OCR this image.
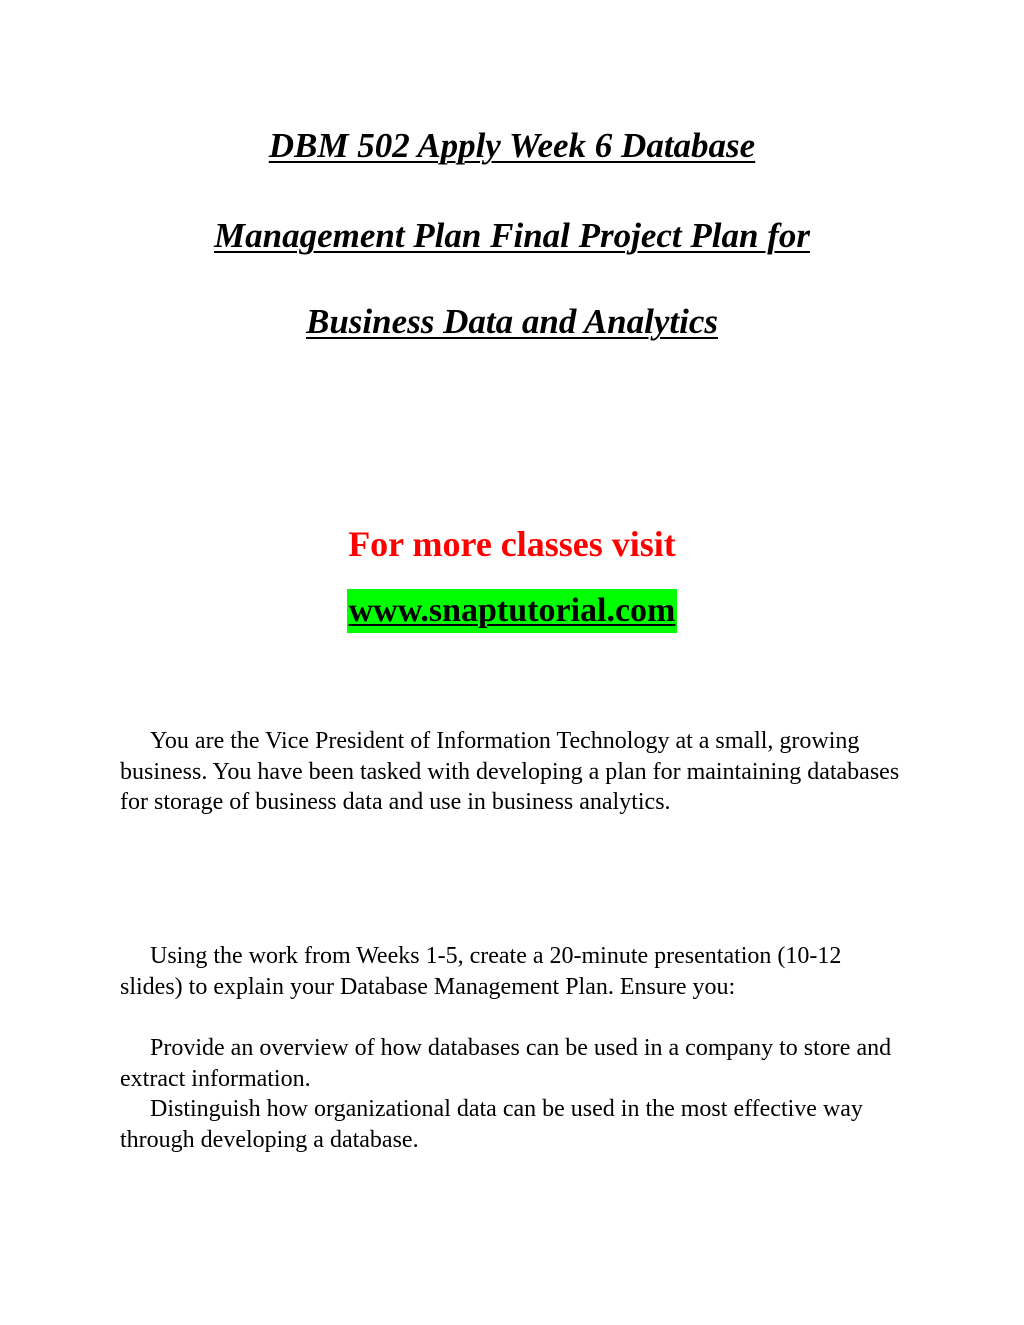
DBM 502 Apply Week 6 Database
Management Plan Final Project Plan for
Business Data and Analytics
For more classes visit
www.snaptutorial.com

You are the Vice President of Information Technology at a small, growing business. You have been tasked with developing a plan for maintaining databases for storage of business data and use in business analytics.

Using the work from Weeks 1-5, create a 20-minute presentation (10-12 slides) to explain your Database Management Plan. Ensure you:

Provide an overview of how databases can be used in a company to store and extract information.

Distinguish how organizational data can be used in the most effective way through developing a database.
